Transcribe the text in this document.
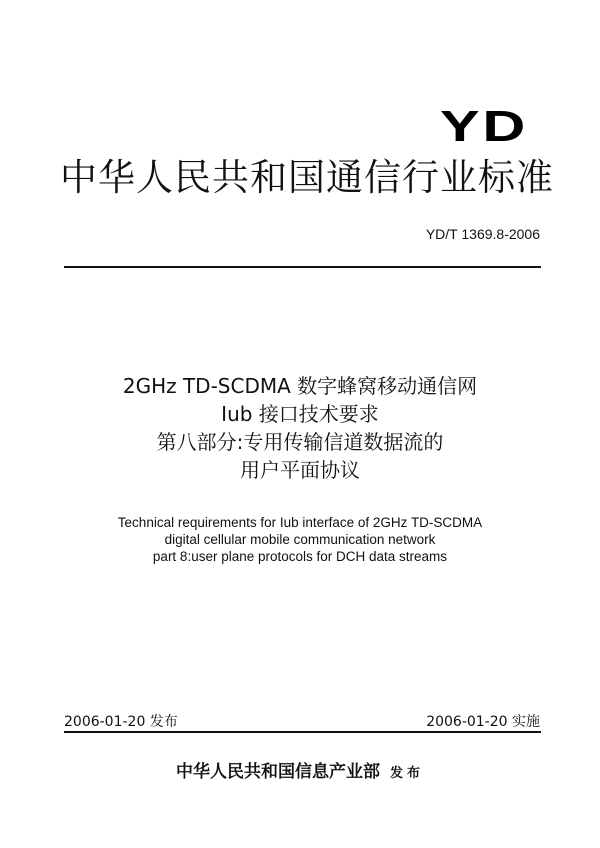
YD
中华人民共和国通信行业标准
YD/T 1369.8-2006
2GHz TD-SCDMA 数字蜂窝移动通信网
Iub 接口技术要求
第八部分:专用传输信道数据流的
用户平面协议
Technical requirements for Iub interface of 2GHz TD-SCDMA
digital cellular mobile communication network
part 8:user plane protocols for DCH data streams
2006-01-20 发布	2006-01-20 实施
中华人民共和国信息产业部 发布
